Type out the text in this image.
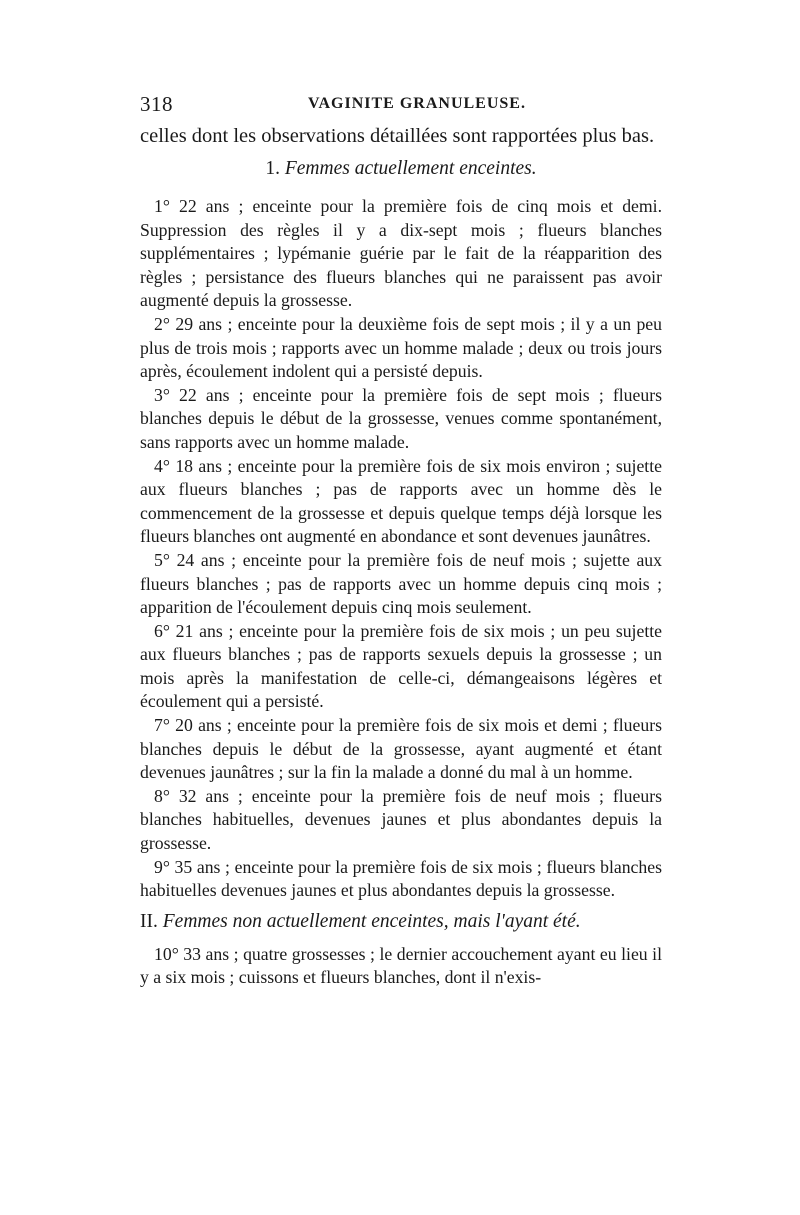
318	VAGINITE GRANULEUSE.

celles dont les observations détaillées sont rapportées plus bas.

1. Femmes actuellement enceintes.

1° 22 ans ; enceinte pour la première fois de cinq mois et demi. Suppression des règles il y a dix-sept mois ; flueurs blanches supplémentaires ; lypémanie guérie par le fait de la réapparition des règles ; persistance des flueurs blanches qui ne paraissent pas avoir augmenté depuis la grossesse.

2° 29 ans ; enceinte pour la deuxième fois de sept mois ; il y a un peu plus de trois mois ; rapports avec un homme malade ; deux ou trois jours après, écoulement indolent qui a persisté depuis.

3° 22 ans ; enceinte pour la première fois de sept mois ; flueurs blanches depuis le début de la grossesse, venues comme spontanément, sans rapports avec un homme malade.

4° 18 ans ; enceinte pour la première fois de six mois environ ; sujette aux flueurs blanches ; pas de rapports avec un homme dès le commencement de la grossesse et depuis quelque temps déjà lorsque les flueurs blanches ont augmenté en abondance et sont devenues jaunâtres.

5° 24 ans ; enceinte pour la première fois de neuf mois ; sujette aux flueurs blanches ; pas de rapports avec un homme depuis cinq mois ; apparition de l'écoulement depuis cinq mois seulement.

6° 21 ans ; enceinte pour la première fois de six mois ; un peu sujette aux flueurs blanches ; pas de rapports sexuels depuis la grossesse ; un mois après la manifestation de celle-ci, démangeaisons légères et écoulement qui a persisté.

7° 20 ans ; enceinte pour la première fois de six mois et demi ; flueurs blanches depuis le début de la grossesse, ayant augmenté et étant devenues jaunâtres ; sur la fin la malade a donné du mal à un homme.

8° 32 ans ; enceinte pour la première fois de neuf mois ; flueurs blanches habituelles, devenues jaunes et plus abondantes depuis la grossesse.

9° 35 ans ; enceinte pour la première fois de six mois ; flueurs blanches habituelles devenues jaunes et plus abondantes depuis la grossesse.

II. Femmes non actuellement enceintes, mais l'ayant été.

10° 33 ans ; quatre grossesses ; le dernier accouchement ayant eu lieu il y a six mois ; cuissons et flueurs blanches, dont il n'exis-
